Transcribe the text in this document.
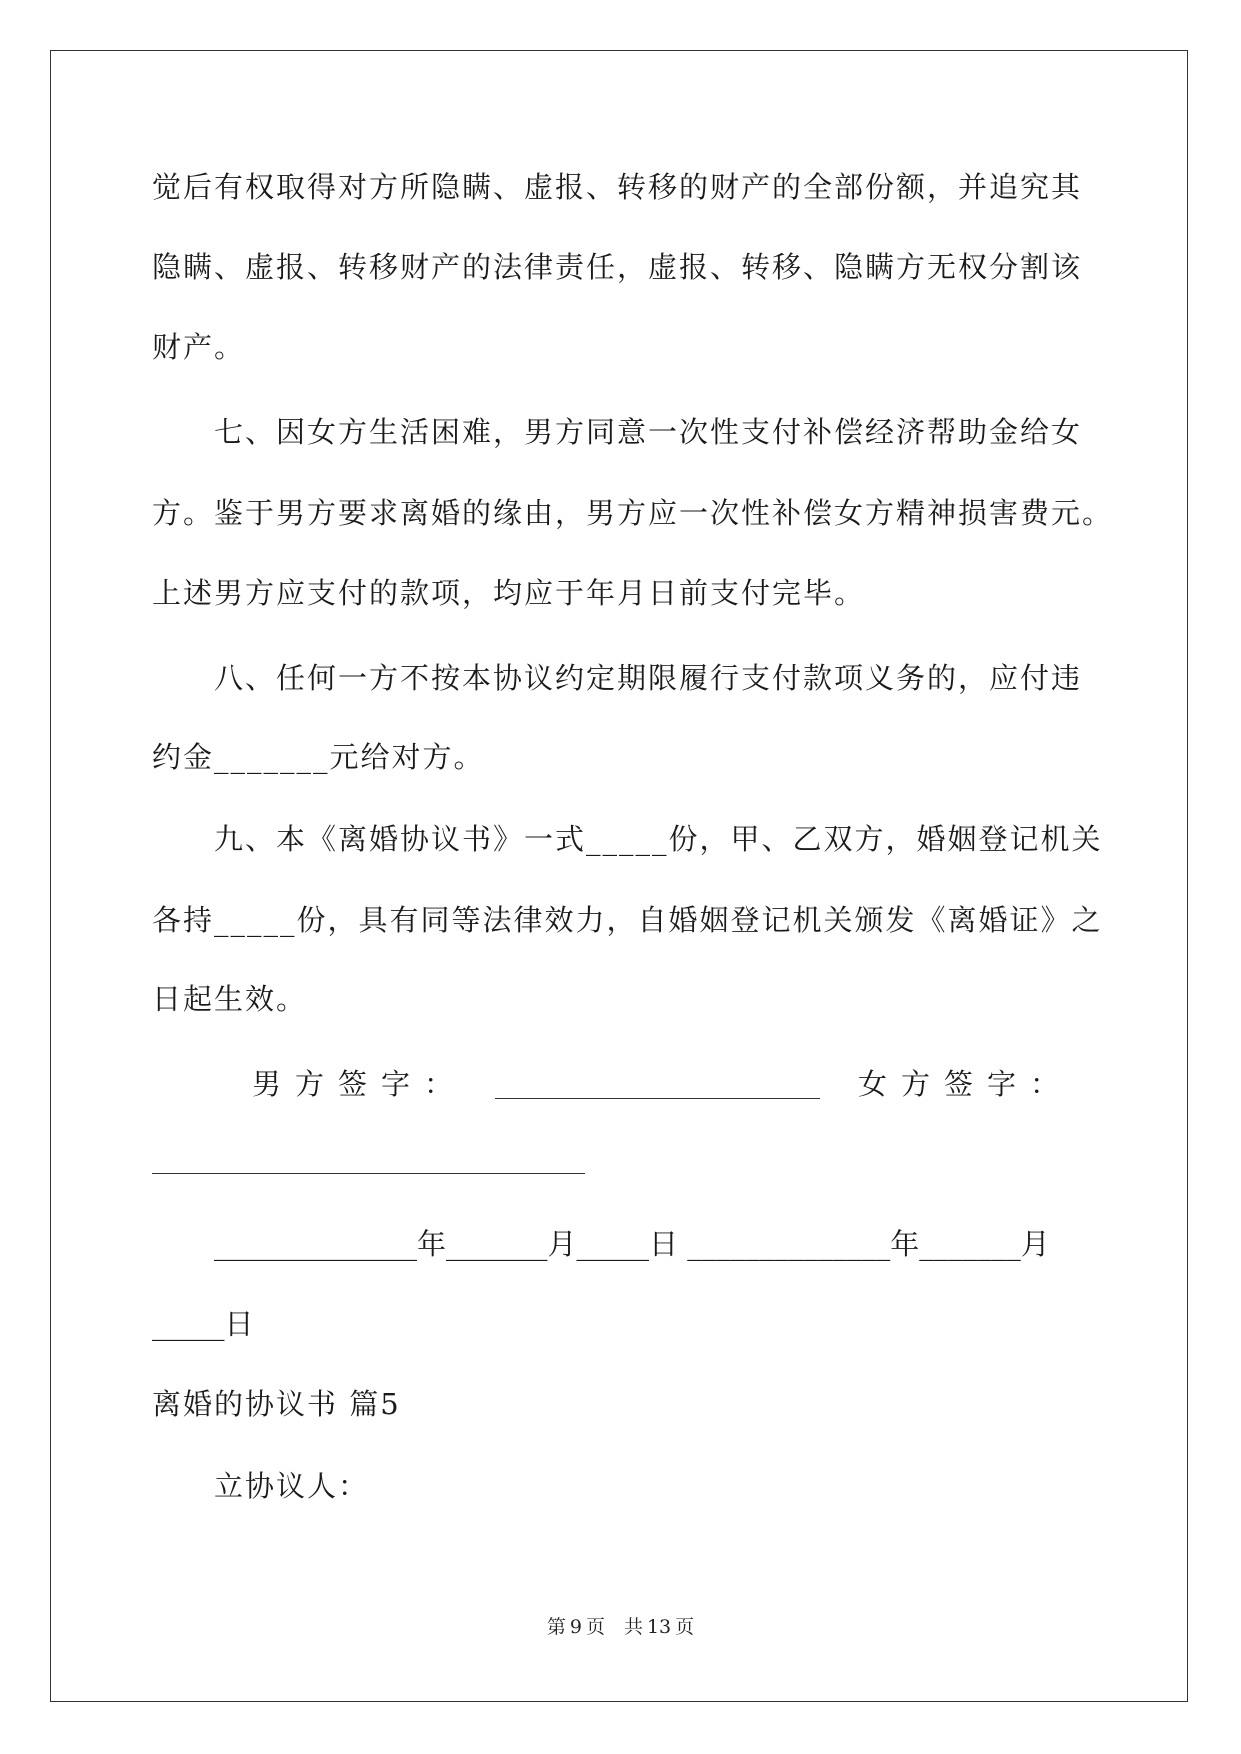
觉后有权取得对方所隐瞒、虚报、转移的财产的全部份额，并追究其
隐瞒、虚报、转移财产的法律责任，虚报、转移、隐瞒方无权分割该
财产。
七、因女方生活困难，男方同意一次性支付补偿经济帮助金给女
方。鉴于男方要求离婚的缘由，男方应一次性补偿女方精神损害费元。
上述男方应支付的款项，均应于年月日前支付完毕。
八、任何一方不按本协议约定期限履行支付款项义务的，应付违
约金_______元给对方。
九、本《离婚协议书》一式_____份，甲、乙双方，婚姻登记机关
各持_____份，具有同等法律效力，自婚姻登记机关颁发《离婚证》之
日起生效。
男方签字：	女方签字：
______________年_______月_____日 ______________年_______月
_____日
离婚的协议书 篇5
立协议人：
第 9 页　共 13 页
